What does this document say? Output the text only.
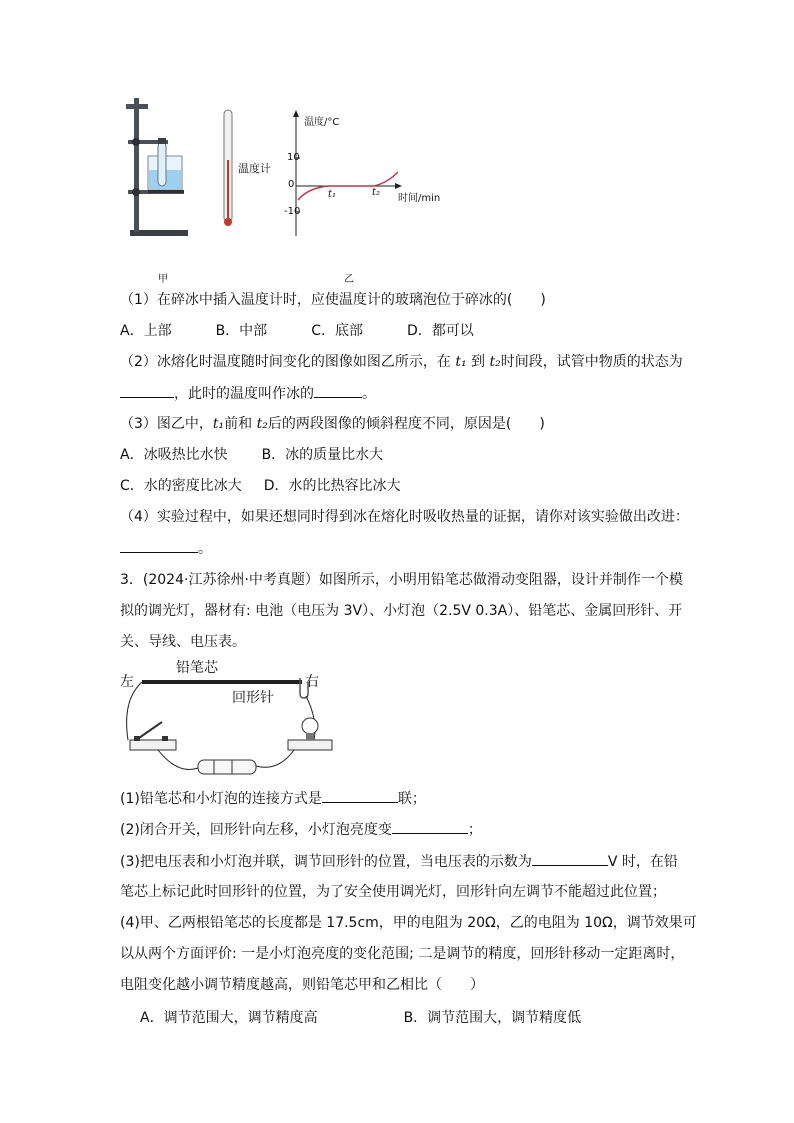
温度计
温度/°C
10
0
-10
t₁	t₂
时间/min
甲	乙
（1）在碎冰中插入温度计时，应使温度计的玻璃泡位于碎冰的(　　)
A．上部	B．中部	C．底部	D．都可以
（2）冰熔化时温度随时间变化的图像如图乙所示，在 t₁ 到 t₂时间段，试管中物质的状态为
，此时的温度叫作冰的	。
（3）图乙中，t₁前和 t₂后的两段图像的倾斜程度不同，原因是(　　)
A．冰吸热比水快 B．冰的质量比水大
C．水的密度比冰大 D．水的比热容比冰大
（4）实验过程中，如果还想同时得到冰在熔化时吸收热量的证据，请你对该实验做出改进：
。
3．(2024·江苏徐州·中考真题）如图所示，小明用铅笔芯做滑动变阻器，设计并制作一个模
拟的调光灯，器材有: 电池（电压为 3V）、小灯泡（2.5V 0.3A）、铅笔芯、金属回形针、开
关、导线、电压表。
左
铅笔芯
右
回形针
(1)铅笔芯和小灯泡的连接方式是	联；
(2)闭合开关，回形针向左移，小灯泡亮度变	；
(3)把电压表和小灯泡并联，调节回形针的位置，当电压表的示数为	V 时，在铅
笔芯上标记此时回形针的位置，为了安全使用调光灯，回形针向左调节不能超过此位置；
(4)甲、乙两根铅笔芯的长度都是 17.5cm，甲的电阻为 20Ω，乙的电阻为 10Ω，调节效果可
以从两个方面评价: 一是小灯泡亮度的变化范围; 二是调节的精度，回形针移动一定距离时，
电阻变化越小调节精度越高，则铅笔芯甲和乙相比（　　）
A．调节范围大，调节精度高	B．调节范围大，调节精度低
